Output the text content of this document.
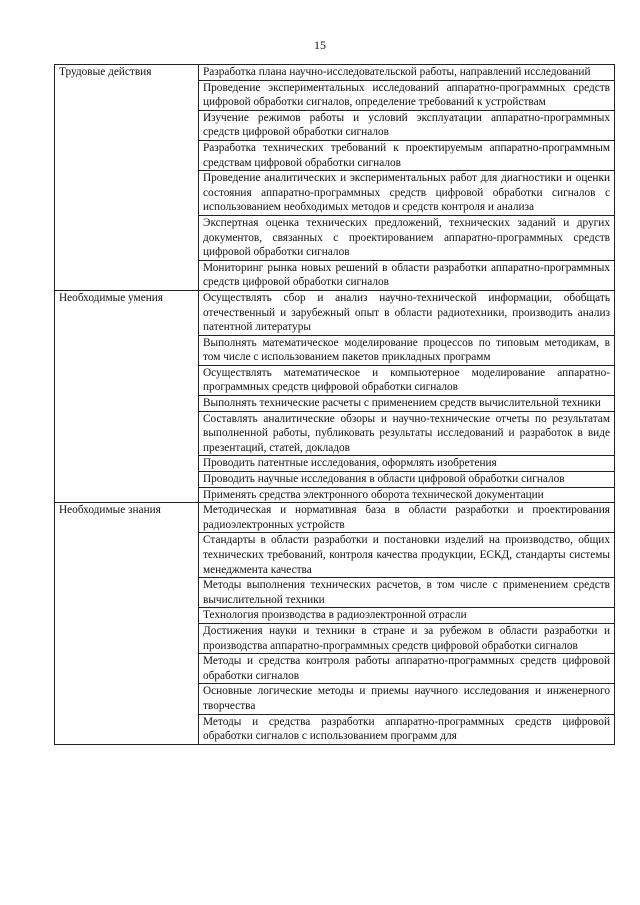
15
Трудовые действия	Разработка плана научно-исследовательской работы, направлений исследований
	Проведение экспериментальных исследований аппаратно-программных средств цифровой обработки сигналов, определение требований к устройствам
	Изучение режимов работы и условий эксплуатации аппаратно-программных средств цифровой обработки сигналов
	Разработка технических требований к проектируемым аппаратно-программным средствам цифровой обработки сигналов
	Проведение аналитических и экспериментальных работ для диагностики и оценки состояния аппаратно-программных средств цифровой обработки сигналов с использованием необходимых методов и средств контроля и анализа
	Экспертная оценка технических предложений, технических заданий и других документов, связанных с проектированием аппаратно-программных средств цифровой обработки сигналов
	Мониторинг рынка новых решений в области разработки аппаратно-программных средств цифровой обработки сигналов
Необходимые умения	Осуществлять сбор и анализ научно-технической информации, обобщать отечественный и зарубежный опыт в области радиотехники, производить анализ патентной литературы
	Выполнять математическое моделирование процессов по типовым методикам, в том числе с использованием пакетов прикладных программ
	Осуществлять математическое и компьютерное моделирование аппаратно-программных средств цифровой обработки сигналов
	Выполнять технические расчеты с применением средств вычислительной техники
	Составлять аналитические обзоры и научно-технические отчеты по результатам выполненной работы, публиковать результаты исследований и разработок в виде презентаций, статей, докладов
	Проводить патентные исследования, оформлять изобретения
	Проводить научные исследования в области цифровой обработки сигналов
	Применять средства электронного оборота технической документации
Необходимые знания	Методическая и нормативная база в области разработки и проектирования радиоэлектронных устройств
	Стандарты в области разработки и постановки изделий на производство, общих технических требований, контроля качества продукции, ЕСКД, стандарты системы менеджмента качества
	Методы выполнения технических расчетов, в том числе с применением средств вычислительной техники
	Технология производства в радиоэлектронной отрасли
	Достижения науки и техники в стране и за рубежом в области разработки и производства аппаратно-программных средств цифровой обработки сигналов
	Методы и средства контроля работы аппаратно-программных средств цифровой обработки сигналов
	Основные логические методы и приемы научного исследования и инженерного творчества
	Методы и средства разработки аппаратно-программных средств цифровой обработки сигналов с использованием программ для
